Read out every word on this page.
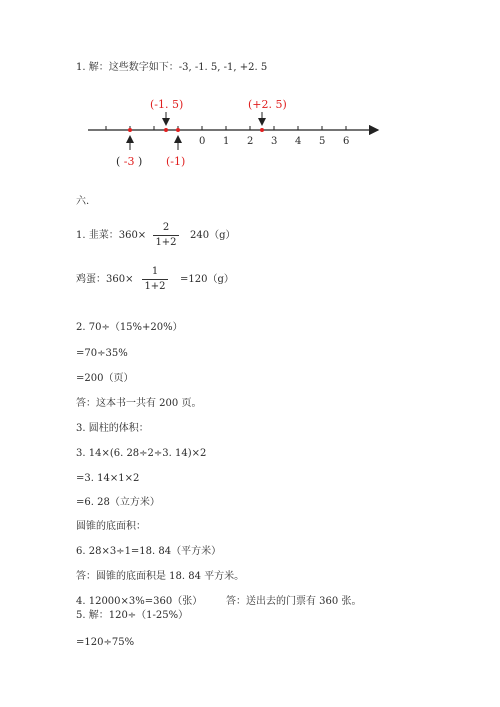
1. 解：这些数字如下：-3, -1. 5, -1, +2. 5
0 1 2 3 4 5 6
(-1. 5)	(+2. 5)
( -3 ) (-1)
六.
1. 韭菜：360×
2
1+2
240（g）
鸡蛋：360×
1
1+2
=120（g）
2. 70÷（15%+20%）
=70÷35%
=200（页）
答：这本书一共有 200 页。
3. 圆柱的体积：
3. 14×(6. 28÷2÷3. 14)×2
=3. 14×1×2
=6. 28（立方米）
圆锥的底面积：
6. 28×3÷1=18. 84（平方米）
答：圆锥的底面积是 18. 84 平方米。
4. 12000×3%=360（张） 答：送出去的门票有 360 张。
5. 解：120÷（1-25%）
=120÷75%
